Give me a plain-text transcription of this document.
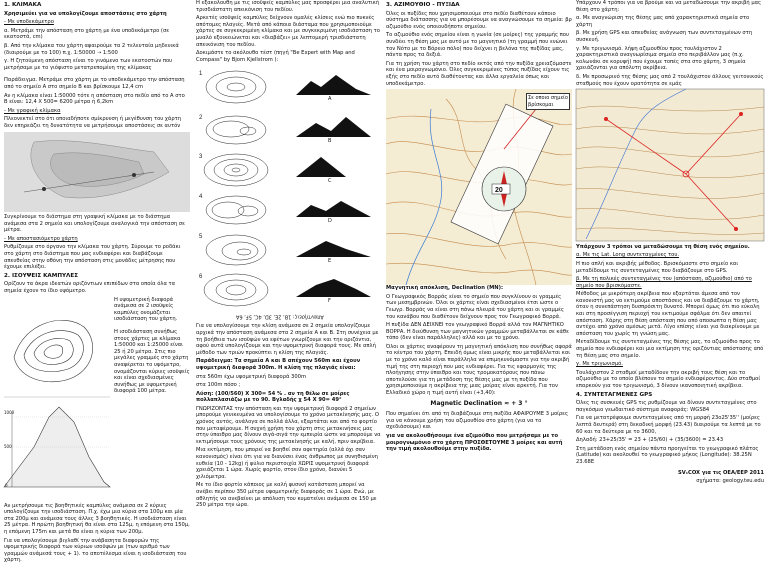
1. ΚΛΙΜΑΚΑ

Χρησιμεύει για να υπολογίζουμε αποστάσεις στο χάρτη

- Με υποδεκάμετρο

α. Μετράμε την απόσταση στο χάρτη με ένα υποδεκάμετρο (σε εκατοστά, cm)

β. Από την κλίμακα του χάρτη αφαιρούμε τα 2 τελευταία μηδενικά (διαιρούμε με το 100) π.χ. 1:50000 ➝ 1:500

γ. Η ζητούμενη απόσταση είναι το γινόμενο των εκατοστών που μετρήσαμε με το γιόφιστο μετατρεπομένη της κλίμακας

Παράδειγμα. Μετράμε στο χάρτη με το υποδεκάμετρο την απόσταση από το σημείο A στο σημείο B και βρίσκουμε 12,4 cm

Αν η κλίμακα είναι 1:50000 τότε η απόσταση στο πεδίο από το A στο B είναι: 12,4 X 500= 6200 μέτρα ή 6,2km

- Με γραφική κλίμακα

Πλεονεκτεί στο ότι οποιαδήποτε σμίκρυνση ή μεγέθυνση του χάρτη δεν επηρεάζει τη δυνατότητα να μετρήσουμε αποστάσεις σε αυτόν

Συγκρίνουμε το διάστημα στη γραφική κλίμακα με το διάστημα ανάμεσα στα 2 σημεία και υπολογίζουμε αναλογικά την απόσταση σε μέτρα.

- Με αποστασιόμετρο χάρτη

Ρυθμίζουμε στο όργανο την κλίμακα του χάρτη. Σύρουμε το ροδάκι στο χάρτη στο διάστημα που μας ενδιαφέρει και διαβάζουμε απευθείας στην οθόνη την απόσταση στις μονάδες μέτρησης που έχουμε επιλέξει.

2. ΙΣΟΥΨΕΙΣ ΚΑΜΠΥΛΕΣ

Ορίζουν τα άκρα ιδεατών οριζόντιων επιπέδων στα οποία όλα τα σημεία έχουν το ίδιο υψόμετρο.

1000
500
0

Η υψομετρική διαφορά ανάμεσα σε 2 ισοϋψείς καμπύλες ονομάζεται ισοδιάσταση του χάρτη.

Η ισοδιάσταση συνήθως στους χάρτες με κλίμακα 1:50000 και 1:25000 είναι 25 ή 20 μέτρα. Στις πιο μεγάλες γραμμές στο χάρτη αναφέρεται το υψόμετρο, ονομάζονται κύριες ισοϋψείς και είναι σχεδιασμένες συνήθως με υψομετρική διαφορά 100 μέτρα.

Αν μετρήσουμε τις βοηθητικές καμπύλες ανάμεσα σε 2 κύριες υπολογίζουμε την ισοδιάσταση. Π.χ. έχω μια κύρια στα 100μ και μία στα 200μ και ανάμεσα τους άλλες 3 βοηθητικές. Η ισοδιάσταση είναι 25 μέτρα. Η πρώτη βοηθητική θα είναι στα 125μ, η επόμενη στα 150μ, η επόμενη 175m και μετά θα είναι η κύρια των 200μ.

Για να υπολογίσουμε βιγλαθί την ανάβασητα διαφορών της υψομετρικής διαφορά των κύριων ισοϋψών με (των αριθμό των γραμμών ανάμεσά τους + 1). το αποτέλεσμα είναι η ισοδιάσταση του χάρτη.

Η εξακολουθη με τις ισοϋψείς καμπύλες μας προσφέρει μια αναλυτική τρισδιάστατη απεικόνιση του πεδίου.

Αρκετές ισοϋψείς καμπύλες δείχνουν ομαλές κλίσεις ενώ πιο πυκνές απότομες πλαγιές. Μετά από κάποια διάσταμα που χρησιμοποιούμε χάρτες σε συγκεκριμένη κλίμακα και με συγκεκριμένη ισοδιάσταση το μυαλό εξοικειώνεται και «διαβάζει» με λεπτομερή τρισδιάστατη απεικόνιση του πεδίου.

Δοκιμάστε το ακόλουθο τέστ (πηγή "Be Expert with Map and Compass" by Bjorn Kjellstrom ):

1
2
3
4
5
6
A
B
C
D
E
F
Απαντήσεις: 1Β, 2E, 3D, 4C, 5F, 6A

Για να υπολογίσουμε την κλίση ανάμεσα σε 2 σημεία υπολογίζουμε αρχικά την απόσταση ανάμεσα στα 2 σημεία A και B. Στη συνέχεια με τη βοήθεια των ισοϋψών να εφέτων γνωρίζουμε και την οριζόντια, αφού αυτά υπολογίζουμε και την υψομετρική διαφορά τους. Με απλή μέθοδο των τριών προκύπτει η κλίση της πλαγιάς.

Παράδειγμα: Τα σημεία A και B απέχουν 560m και έχουν υψομετρική διαφορά 300m. Η κλίση της πλαγιάς είναι:

στα 560m έχω υψομετρική διαφορά 300m

στα 100m πόσο ;

Λύση: (100/560) X 300= 54 % . αν τη θέλω σε μοίρες πολλαπλασιάζω με το 90. Βγλαδής χ 54 X 90= 49°

ΓΝΩΡΙΖΟΝΤΑΣ την απόσταση και την υψομετρική διαφορά 2 σημείων μπορούμε γενικευμένα να υπολογίσουμε το χρόνο μετακίνησής μας. Ο χρόνος αυτός, ανάλογα σε πολλά άλλα, εξαρτάται και από το φορτίο που μεταφέρουμε. Η συχνή χρήση του χάρτη στις μετακινήσεις μας στην ύπαιθρο μας δίνουν σιγά-σιγά την εμπειρία ώστε να μπορούμε να εκτιμήσουμε τους χρόνους της μετακίνησής με καλή, πριν ακρίβεια.

Μια εκτίμηση, που μπορεί να βοηθεί σαν αφετηρία (αλλά όχι σαν κανονισμός) είναι ότι για να διανύσει ένας άνθρωπος με συνηθισμένη ευθεία (10 - 12kg) ή φύλιο περιστοιχία ΧΩΡΙΣ υψομετρική διαφορά χρειάζεται 1 ώρα. Χωρίς φορτίο, στον ίδιο χρόνο, διανύει 5 χιλιόμετρα.

Με το ίδιο φορτίο κάποιος με καλή φυσική κατάσταση μπορεί να ανέβει περίπου 350 μέτρα υψομετρικής διαφοράς σε 1 ώρα. Ενώ, με αθλητής να ανεβαίνει με απόλυση του κυματείνει ανάμεσα σε 150 με 250 μέτρα την ώρα.

3. ΑΖΙΜΟΥΘΙΟ - ΠΥΞΙΔΑ

Όλες οι πυξίδες που χρησιμοποιούμε στο πεδίο διαθέτουν κάποιο σύστημα διάτασσης για να μπορέσουμε να αναγνώσουμε τα σημεία: βρ αζιμούθιο ενός οποιουδήποτε σημείου.

Το αζιμούθιο ενός σημείου είναι η γωνία (σε μοίρες) της γραμμής που συνδέει τη θέση μας με αυτό με το μαγνητικό (τη γραμμή που ενώνει τον Νότο με το Βόρειο πόλο) που δείχνει η βελόνα της πυξίδας μας, πάντα προς τα δεξιά.

Για τη χρήση του χάρτη στο πεδίο εκτός από την πυξίδα χρειαζόμαστε και ένα μοιρογνωμόνιο. Όλες συγκεκριμένες τύπος πυξίδας είχουν τις εξής στο πεδίο αυτό διαθέτοντας και άλλα εργαλεία όπως και υποδεκάμετρο.

20
Σε οποιο σημείο βρίσκομαι

Μαγνητική απόκλιση, Declination (MN):

Ο Γεωγραφικός Βορράς είναι το σημείο που συγκλίνουν οι γραμμές των μεσημβρινών. Όλοι οι χάρτες είναι σχεδιασμένοι έτσι ώστε ο Γεωγρ. Βορράς να είναι στη πάνω πλευρά του χάρτη και οι γραμμές του κανάβου που διαθέτουν δείχνουν προς τον Γεωγραφικό Βορρά.

Η πυξίδα ΔΕΝ ΔΕΙΧΝΕΙ τον γεωγραφικό Βορρά αλλά τον ΜΑΓΝΗΤΙΚΟ ΒΟΡΡΑ. Η διεύθυνση των μαγνητικών γραμμών μεταβάλλεται σε κάθε τόπο (δεν είναι παράλληλες) αλλά και με το χρόνο.

Όλοι οι χάρτες αναφέρουν τη μαγνητική απόκλιση που συνήθως αφορά το κέντρο του χάρτη. Επειδή όμως είναι μικρής που μεταβάλλεται και με το χρόνο καλό είναι παράλληλα να επιμηκυνόμαστε για την ακριβή τιμή της στη περιοχή που μας ενδιαφέρει. Για τις εφαρμογές της πλοήγησης στην ύπαιθρο και τους τρομοκατόρους που πάνω αποτελούσε για τη μετάδοση της θέσης μας με τη πυξίδα που χρησιμοποιούμε η ακρίβεια της μιας μοίρας είναι αρκετή. Για τον Ελλαδικό χώρο η τιμή αυτή είναι (+3,40):

Magnetic Declination ≈ + 3 °

Που σημαίνει ότι από τη διαβάζουμε στη πυξίδα ΑΦΑΙΡΟΥΜΕ 3 μοίρες για να κάνουμε χρήση του αζιμουθίου στο χάρτη (για να το σχεδιάσουμε) και

για να ακολουθήσουμε ένα αζιμούθιο που μετρήσαμε με το μοιρογνωμόνιο στο χάρτη ΠΡΟΣΘΕΤΟΥΜΕ 3 μοίρες και αυτή την τιμή ακολουθούμε στην πυξίδα.

Υπάρχουν 4 τρόποι για να βρούμε και να μεταδώσουμε την ακριβή μας θέση στο χάρτη:

α. Με αναγνώριση της θέσης μας από χαρακτηριστικά σημεία στο χάρτη

β. Με χρήση GPS και απευθείας ανάγνωση των συντεταγμένων στη συσκευή.

γ. Με τριγωνισμό. λήψη αζιμουθίου προς τουλάχιστον 2 χαρακτηριστικά αναγνωρίσιμα σημεία στο περιβάλλον μας (π.χ. κολωνάκι σε κορυφή) που έχουμε τοπές στα στο χάρτη, 3 σημεία χρειάζονται για απόλυτη ακρίβεια.

δ. Με προσωρινό της θέσης μας από 2 τουλάχιστον άλλους γειτονικούς σταθμούς που έχουν ορατότητα σε εμάς

Υπάρχουν 3 τρόποι να μεταδώσουμε τη θέση ενός σημείου.

α. Με τις Lat. Long συντεταγμένες του.

Η πιο απλή και ακριβής μέθοδος. Βρισκόμαστε στο σημείο και μεταδίδουμε τις συντεταγμένες που διαβάζουμε στο GPS.

β. Με τη πολικές συντεταγμένες του (απόσταση, αζιμούθιο) από το σημείο που βρισκόμαστε.

Μέθοδος με μικρότερη ακρίβεια που εξαρτάται άμεσα από τον κανονιστή μας να εκτιμούμε αποστάσεις και να διαβάζουμε το χάρτη, όταν η συνεπάστηση δυσπρόσιτη δυνατό. Μπορεί όμως ότι πιο εύκολη και στη προσέγγιση περιοχή του εκτιμούμε σφάλμα ότι δεν απαιτεί απόσταση. Χάρης στη θέση απόσταση που από αποσωπτα η θέση μας αντέχει από χρόνο αμέσως μετά. Λίγο επίσης είναι για διακρίνουμε με απόσταση του χωρίς τη γνώση μας.

Μεταδίδουμε τις συντεταγμένες της θέσης μας, το αζιμούθιο προς το σημείο που ενδιαφέρει και μια εκτίμηση της οριζόντιας απόστασης από τη θέση μας στο σημείο.

γ. Με τριγωνισμό.

Τουλάχιστον 2 σταθμοί μεταδίδουν την ακριβή τους θέση και το αζιμούθιο με το οποίο βλέπουν το σημείο ενδιαφέροντος. Δύο σταθμοί επαρκούν για τον τριγωνισμό, 3 δίνουν ικανοποιητική ακρίβεια.

4. ΣΥΝΤΕΤΑΓΜΕΝΕΣ GPS

Όλες τις συσκευές GPS τις ρυθμίζουμε να δίνουν συντεταγμένες στο παγκόσμιο γεωδαιτικό σύστημα αναφοράς: WGS84

Για να μετατρέψουμε συντεταγμένες από τη μορφή 23ο25'35'' (μοίρες λεπτά δευτερά) στη δεκαδική μορφή (23.43) διαιρούμε τα λεπτά με το 60 και τα δεύτερα με το 3600,

Δηλαδή: 23+25/35' = 23 + (25/60) + (35/3600) = 23.43

Στη μετάδοση ενός σημείου πάντα προηγείται το γεωγραφικό πλάτος (Latitude) και ακολουθεί το γεωγραφικό μήκος (Longitude): 38.25N 23.68E

SV₁COX για τις ΟΕΑ/ΕΕΡ 2011

σχήματα: geology.teu.edu
